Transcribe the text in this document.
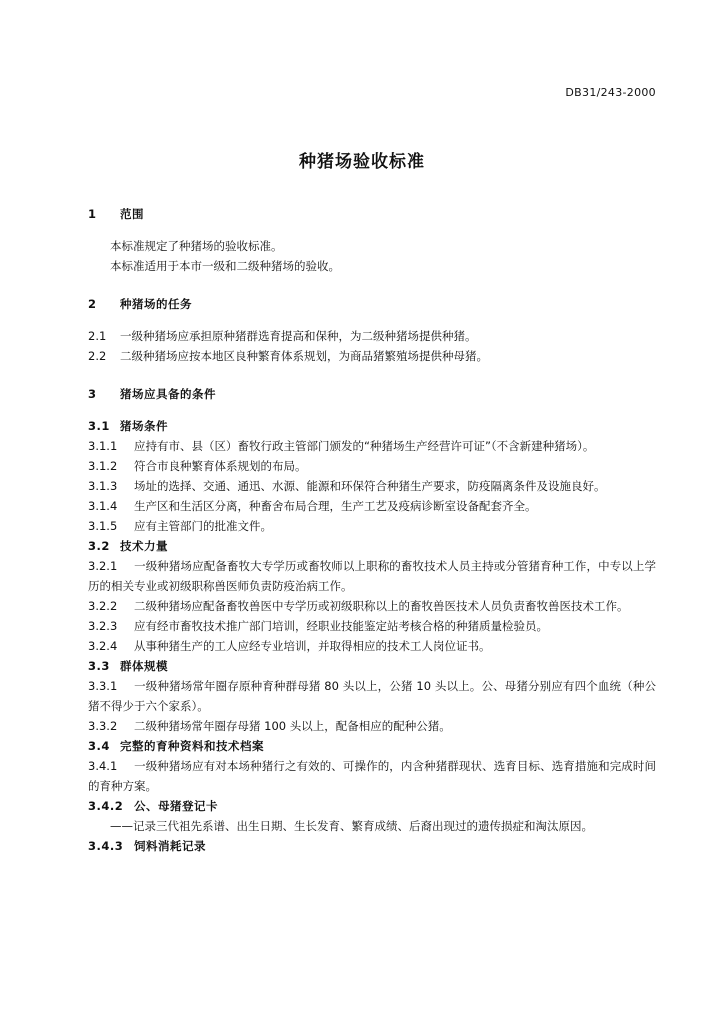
DB31/243-2000
种猪场验收标准
1 范围
本标准规定了种猪场的验收标准。
本标准适用于本市一级和二级种猪场的验收。
2 种猪场的任务
2.1 一级种猪场应承担原种猪群选育提高和保种，为二级种猪场提供种猪。
2.2 二级种猪场应按本地区良种繁育体系规划，为商品猪繁殖场提供种母猪。
3 猪场应具备的条件
3.1 猪场条件
3.1.1 应持有市、县（区）畜牧行政主管部门颁发的“种猪场生产经营许可证”（不含新建种猪场）。
3.1.2 符合市良种繁育体系规划的布局。
3.1.3 场址的选择、交通、通迅、水源、能源和环保符合种猪生产要求，防疫隔离条件及设施良好。
3.1.4 生产区和生活区分离，种畜舍布局合理，生产工艺及疫病诊断室设备配套齐全。
3.1.5 应有主管部门的批准文件。
3.2 技术力量
3.2.1 一级种猪场应配备畜牧大专学历或畜牧师以上职称的畜牧技术人员主持或分管猪育种工作，中专以上学历的相关专业或初级职称兽医师负责防疫治病工作。
3.2.2 二级种猪场应配备畜牧兽医中专学历或初级职称以上的畜牧兽医技术人员负责畜牧兽医技术工作。
3.2.3 应有经市畜牧技术推广部门培训，经职业技能鉴定站考核合格的种猪质量检验员。
3.2.4 从事种猪生产的工人应经专业培训，并取得相应的技术工人岗位证书。
3.3 群体规模
3.3.1 一级种猪场常年圈存原种育种群母猪 80 头以上，公猪 10 头以上。公、母猪分别应有四个血统（种公猪不得少于六个家系）。
3.3.2 二级种猪场常年圈存母猪 100 头以上，配备相应的配种公猪。
3.4 完整的育种资料和技术档案
3.4.1 一级种猪场应有对本场种猪行之有效的、可操作的，内含种猪群现状、选育目标、选育措施和完成时间的育种方案。
3.4.2 公、母猪登记卡
——记录三代祖先系谱、出生日期、生长发育、繁育成绩、后裔出现过的遗传损症和淘汰原因。
3.4.3 饲料消耗记录
